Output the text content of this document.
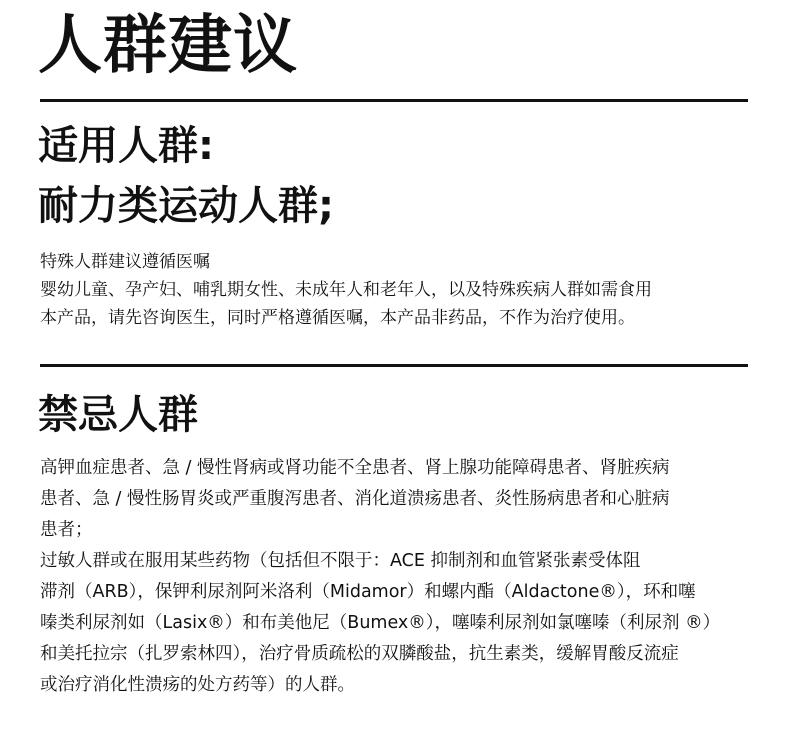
人群建议
适用人群:
耐力类运动人群;

特殊人群建议遵循医嘱

婴幼儿童、孕产妇、哺乳期女性、未成年人和老年人，以及特殊疾病人群如需食用

本产品，请先咨询医生，同时严格遵循医嘱，本产品非药品，不作为治疗使用。

禁忌人群

高钾血症患者、急 / 慢性肾病或肾功能不全患者、肾上腺功能障碍患者、肾脏疾病

患者、急 / 慢性肠胃炎或严重腹泻患者、消化道溃疡患者、炎性肠病患者和心脏病

患者；

过敏人群或在服用某些药物（包括但不限于：ACE 抑制剂和血管紧张素受体阻

滞剂（ARB），保钾利尿剂阿米洛利（Midamor）和螺内酯（Aldactone®），环和噻

嗪类利尿剂如（Lasix®）和布美他尼（Bumex®），噻嗪利尿剂如氯噻嗪（利尿剂 ®）

和美托拉宗（扎罗索林四），治疗骨质疏松的双膦酸盐，抗生素类，缓解胃酸反流症

或治疗消化性溃疡的处方药等）的人群。
